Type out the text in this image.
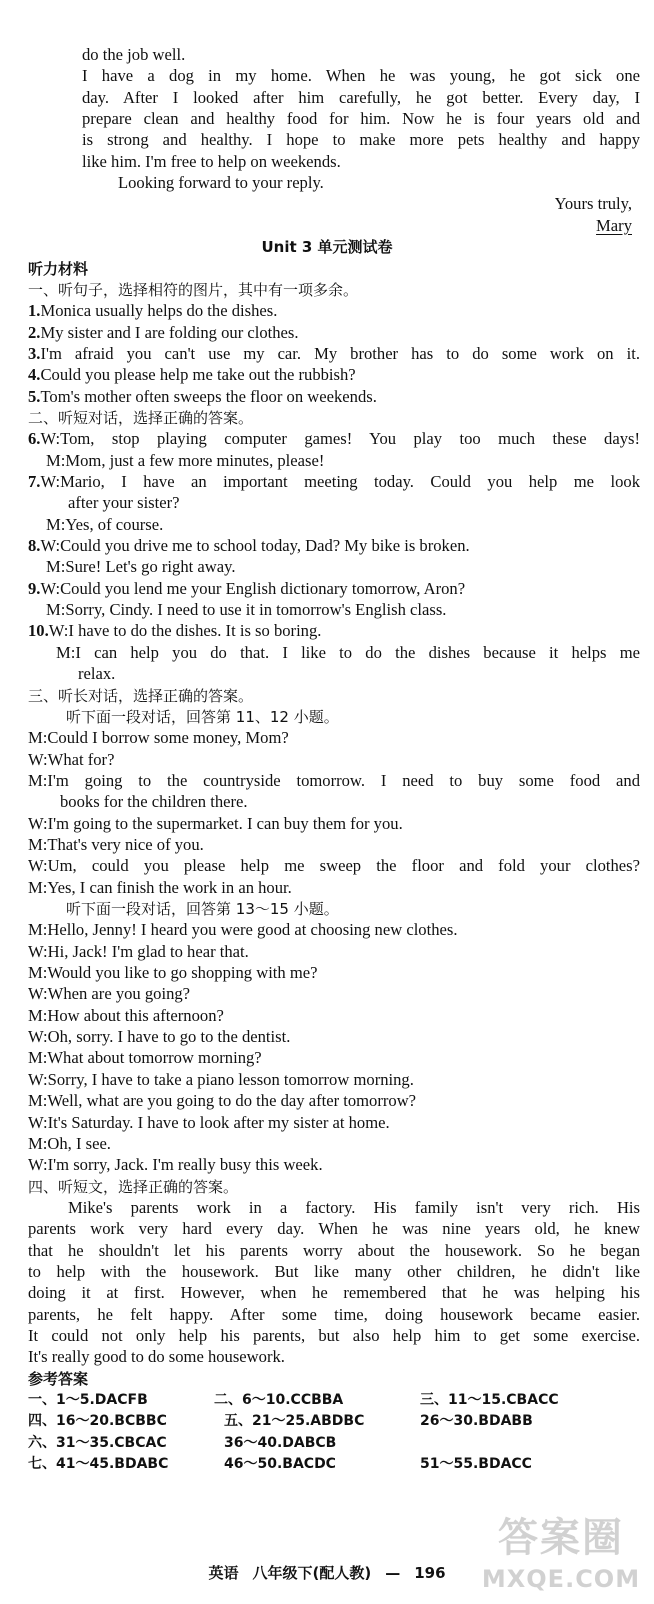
do the job well.
I have a dog in my home. When he was young, he got sick one
day. After I looked after him carefully, he got better. Every day, I
prepare clean and healthy food for him. Now he is four years old and
is strong and healthy. I hope to make more pets healthy and happy
like him. I'm free to help on weekends.
Looking forward to your reply.
Yours truly,
Mary
Unit 3 单元测试卷
听力材料
一、听句子，选择相符的图片，其中有一项多余。
1.Monica usually helps do the dishes.
2.My sister and I are folding our clothes.
3.I'm afraid you can't use my car. My brother has to do some work on it.
4.Could you please help me take out the rubbish?
5.Tom's mother often sweeps the floor on weekends.
二、听短对话，选择正确的答案。
6.W:Tom, stop playing computer games! You play too much these days!
M:Mom, just a few more minutes, please!
7.W:Mario, I have an important meeting today. Could you help me look
after your sister?
M:Yes, of course.
8.W:Could you drive me to school today, Dad? My bike is broken.
M:Sure! Let's go right away.
9.W:Could you lend me your English dictionary tomorrow, Aron?
M:Sorry, Cindy. I need to use it in tomorrow's English class.
10.W:I have to do the dishes. It is so boring.
M:I can help you do that. I like to do the dishes because it helps me
relax.
三、听长对话，选择正确的答案。
听下面一段对话，回答第 11、12 小题。
M:Could I borrow some money, Mom?
W:What for?
M:I'm going to the countryside tomorrow. I need to buy some food and
books for the children there.
W:I'm going to the supermarket. I can buy them for you.
M:That's very nice of you.
W:Um, could you please help me sweep the floor and fold your clothes?
M:Yes, I can finish the work in an hour.
听下面一段对话，回答第 13～15 小题。
M:Hello, Jenny! I heard you were good at choosing new clothes.
W:Hi, Jack! I'm glad to hear that.
M:Would you like to go shopping with me?
W:When are you going?
M:How about this afternoon?
W:Oh, sorry. I have to go to the dentist.
M:What about tomorrow morning?
W:Sorry, I have to take a piano lesson tomorrow morning.
M:Well, what are you going to do the day after tomorrow?
W:It's Saturday. I have to look after my sister at home.
M:Oh, I see.
W:I'm sorry, Jack. I'm really busy this week.
四、听短文，选择正确的答案。
Mike's parents work in a factory. His family isn't very rich. His
parents work very hard every day. When he was nine years old, he knew
that he shouldn't let his parents worry about the housework. So he began
to help with the housework. But like many other children, he didn't like
doing it at first. However, when he remembered that he was helping his
parents, he felt happy. After some time, doing housework became easier.
It could not only help his parents, but also help him to get some exercise.
It's really good to do some housework.
参考答案
一、1～5.DACFB	二、6～10.CCBBA	三、11～15.CBACC
四、16～20.BCBBC	五、21～25.ABDBC	26～30.BDABB
六、31～35.CBCAC	36～40.DABCB
七、41～45.BDABC	46～50.BACDC	51～55.BDACC
英语 八年级下(配人教) — 196
答案圈
MXQE.COM
